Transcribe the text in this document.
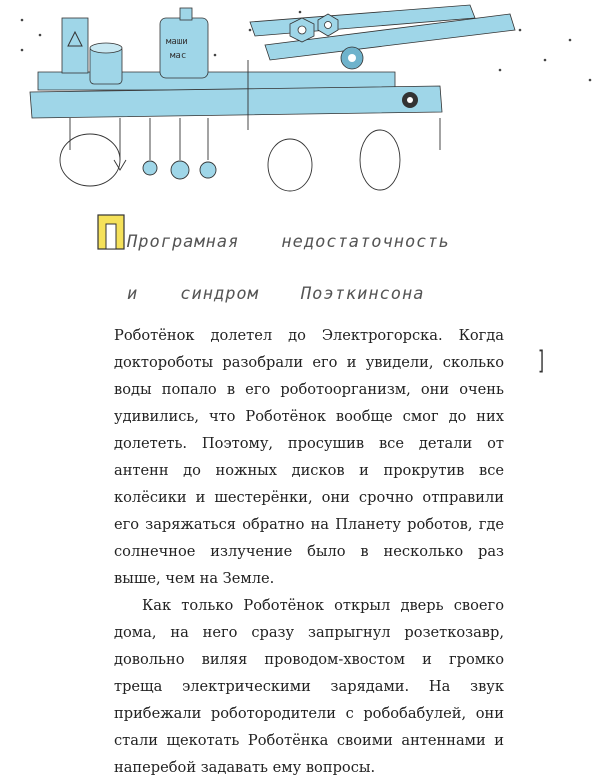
маши
мас
Програмная недостаточность
и синдром Поэткинсона

Роботёнок долетел до Электрогорска. Когда доктороботы разобрали его и увидели, сколько воды попало в его роботоорганизм, они очень удивились, что Роботёнок вообще смог до них долететь. Поэтому, просушив все детали от антенн до ножных дисков и прокрутив все колёсики и шестерёнки, они срочно отправили его заряжаться обратно на Планету роботов, где солнечное излучение было в несколько раз выше, чем на Земле.

Как только Роботёнок открыл дверь своего дома, на него сразу запрыгнул розеткозавр, довольно виляя проводом-хвостом и громко треща электрическими зарядами. На звук прибежали роботородители с робобабулей, они стали щекотать Роботёнка своими антеннами и наперебой задавать ему вопросы.

]
